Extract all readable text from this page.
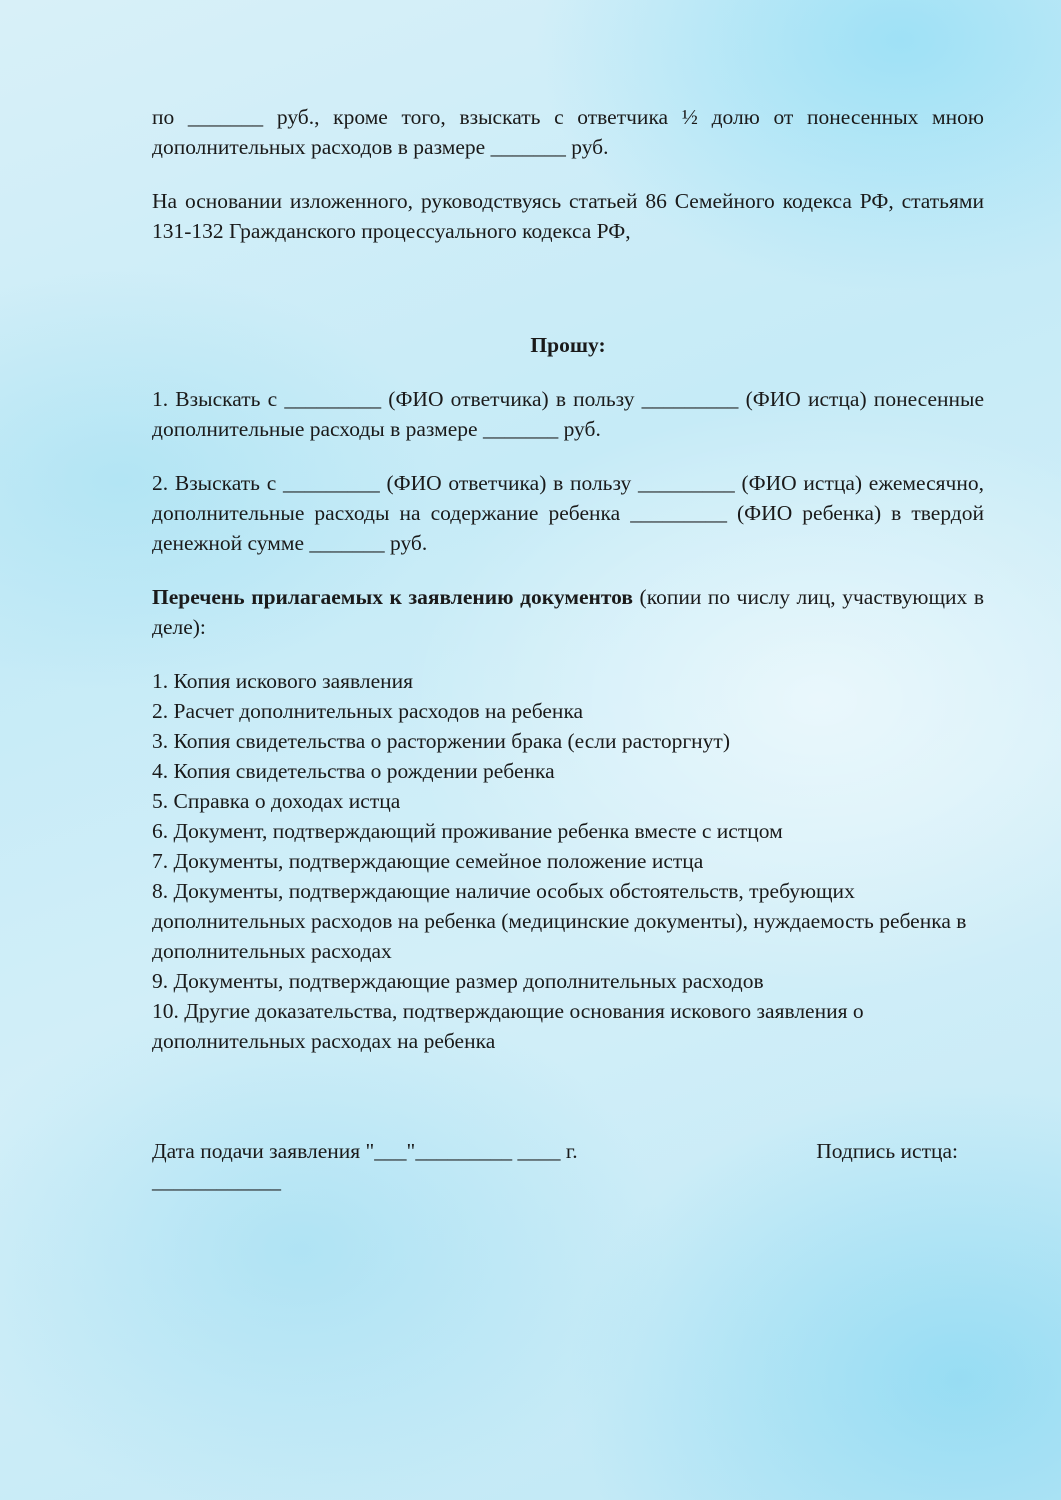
по _______ руб., кроме того, взыскать с ответчика ½ долю от понесенных мною дополнительных расходов в размере _______ руб.

На основании изложенного, руководствуясь статьей 86 Семейного кодекса РФ, статьями 131-132 Гражданского процессуального кодекса РФ,

Прошу:

1. Взыскать с _________ (ФИО ответчика) в пользу _________ (ФИО истца) понесенные дополнительные расходы в размере _______ руб.

2. Взыскать с _________ (ФИО ответчика) в пользу _________ (ФИО истца) ежемесячно, дополнительные расходы на содержание ребенка _________ (ФИО ребенка) в твердой денежной сумме _______ руб.

Перечень прилагаемых к заявлению документов (копии по числу лиц, участвующих в деле):

1. Копия искового заявления
2. Расчет дополнительных расходов на ребенка
3. Копия свидетельства о расторжении брака (если расторгнут)
4. Копия свидетельства о рождении ребенка
5. Справка о доходах истца
6. Документ, подтверждающий проживание ребенка вместе с истцом
7. Документы, подтверждающие семейное положение истца
8. Документы, подтверждающие наличие особых обстоятельств, требующих дополнительных расходов на ребенка (медицинские документы), нуждаемость ребенка в дополнительных расходах
9. Документы, подтверждающие размер дополнительных расходов
10. Другие доказательства, подтверждающие основания искового заявления о дополнительных расходах на ребенка
Дата подачи заявления "___"_________ ____ г.	Подпись истца:
____________
